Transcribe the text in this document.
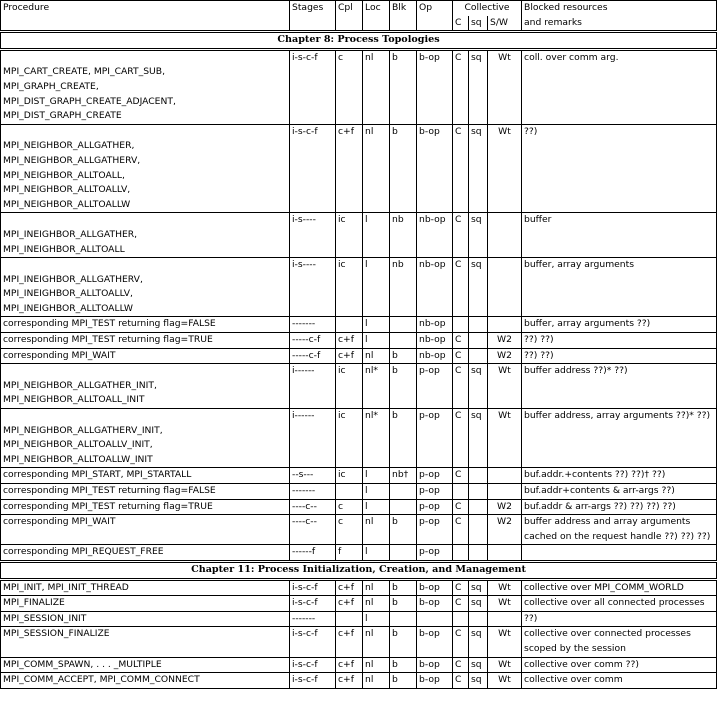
Procedure	Stages	Cpl	Loc	Blk	Op	Collective			Blocked resources
						C	sq	S/W	and remarks
Chapter 8: Process Topologies									

MPI_CART_CREATE, MPI_CART_SUB,
MPI_GRAPH_CREATE,
MPI_DIST_GRAPH_CREATE_ADJACENT,
MPI_DIST_GRAPH_CREATE	i-s-c-f	c	nl	b	b-op	C	sq	Wt	coll. over comm arg.

MPI_NEIGHBOR_ALLGATHER,
MPI_NEIGHBOR_ALLGATHERV,
MPI_NEIGHBOR_ALLTOALL,
MPI_NEIGHBOR_ALLTOALLV,
MPI_NEIGHBOR_ALLTOALLW	i-s-c-f	c+f	nl	b	b-op	C	sq	Wt	??)

MPI_INEIGHBOR_ALLGATHER,
MPI_INEIGHBOR_ALLTOALL	i-s----	ic	l	nb	nb-op	C	sq		buffer

MPI_INEIGHBOR_ALLGATHERV,
MPI_INEIGHBOR_ALLTOALLV,
MPI_INEIGHBOR_ALLTOALLW	i-s----	ic	l	nb	nb-op	C	sq		buffer, array arguments

corresponding MPI_TEST returning flag=FALSE	-------		l		nb-op				buffer, array arguments ??)

corresponding MPI_TEST returning flag=TRUE	-----c-f	c+f	l		nb-op	C		W2	??) ??)

corresponding MPI_WAIT	-----c-f	c+f	nl	b	nb-op	C		W2	??) ??)

MPI_NEIGHBOR_ALLGATHER_INIT,
MPI_NEIGHBOR_ALLTOALL_INIT	i------	ic	nl*	b	p-op	C	sq	Wt	buffer address ??)* ??)

MPI_NEIGHBOR_ALLGATHERV_INIT,
MPI_NEIGHBOR_ALLTOALLV_INIT,
MPI_NEIGHBOR_ALLTOALLW_INIT	i------	ic	nl*	b	p-op	C	sq	Wt	buffer address, array arguments ??)* ??)

corresponding MPI_START, MPI_STARTALL	--s---	ic	l	nb†	p-op	C			buf.addr.+contents ??) ??)† ??)

corresponding MPI_TEST returning flag=FALSE	-------		l		p-op				buf.addr+contents & arr-args ??)

corresponding MPI_TEST returning flag=TRUE	----c--	c	l		p-op	C		W2	buf.addr & arr-args ??) ??) ??) ??)

corresponding MPI_WAIT	----c--	c	nl	b	p-op	C		W2	buffer address and array arguments cached on the request handle ??) ??) ??)

corresponding MPI_REQUEST_FREE	------f	f	l		p-op				
Chapter 11: Process Initialization, Creation, and Management									

MPI_INIT, MPI_INIT_THREAD	i-s-c-f	c+f	nl	b	b-op	C	sq	Wt	collective over MPI_COMM_WORLD

MPI_FINALIZE	i-s-c-f	c+f	nl	b	b-op	C	sq	Wt	collective over all connected processes

MPI_SESSION_INIT	-------		l						??)

MPI_SESSION_FINALIZE	i-s-c-f	c+f	nl	b	b-op	C	sq	Wt	collective over connected processes scoped by the session

MPI_COMM_SPAWN, . . . _MULTIPLE	i-s-c-f	c+f	nl	b	b-op	C	sq	Wt	collective over comm ??)

MPI_COMM_ACCEPT, MPI_COMM_CONNECT	i-s-c-f	c+f	nl	b	b-op	C	sq	Wt	collective over comm
